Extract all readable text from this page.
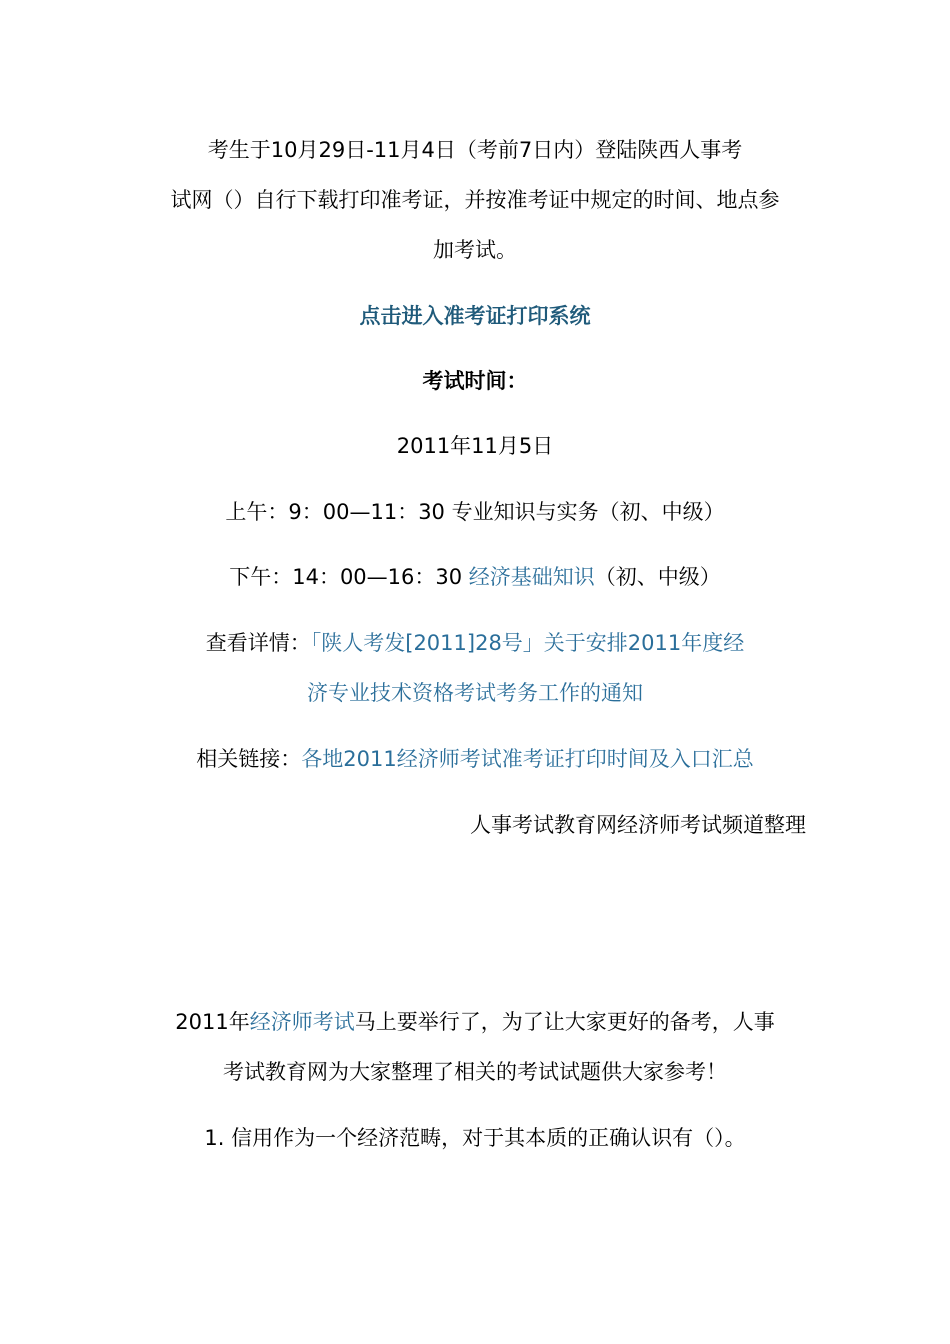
考生于10月29日-11月4日（考前7日内）登陆陕西人事考
试网（）自行下载打印准考证，并按准考证中规定的时间、地点参
加考试。
点击进入准考证打印系统
考试时间：
2011年11月5日
上午：9：00—11：30 专业知识与实务（初、中级）
下午：14：00—16：30 经济基础知识（初、中级）
查看详情：「陕人考发[2011]28号」关于安排2011年度经
济专业技术资格考试考务工作的通知
相关链接：各地2011经济师考试准考证打印时间及入口汇总
人事考试教育网经济师考试频道整理
2011年经济师考试马上要举行了，为了让大家更好的备考，人事
考试教育网为大家整理了相关的考试试题供大家参考！
1. 信用作为一个经济范畴，对于其本质的正确认识有（）。
